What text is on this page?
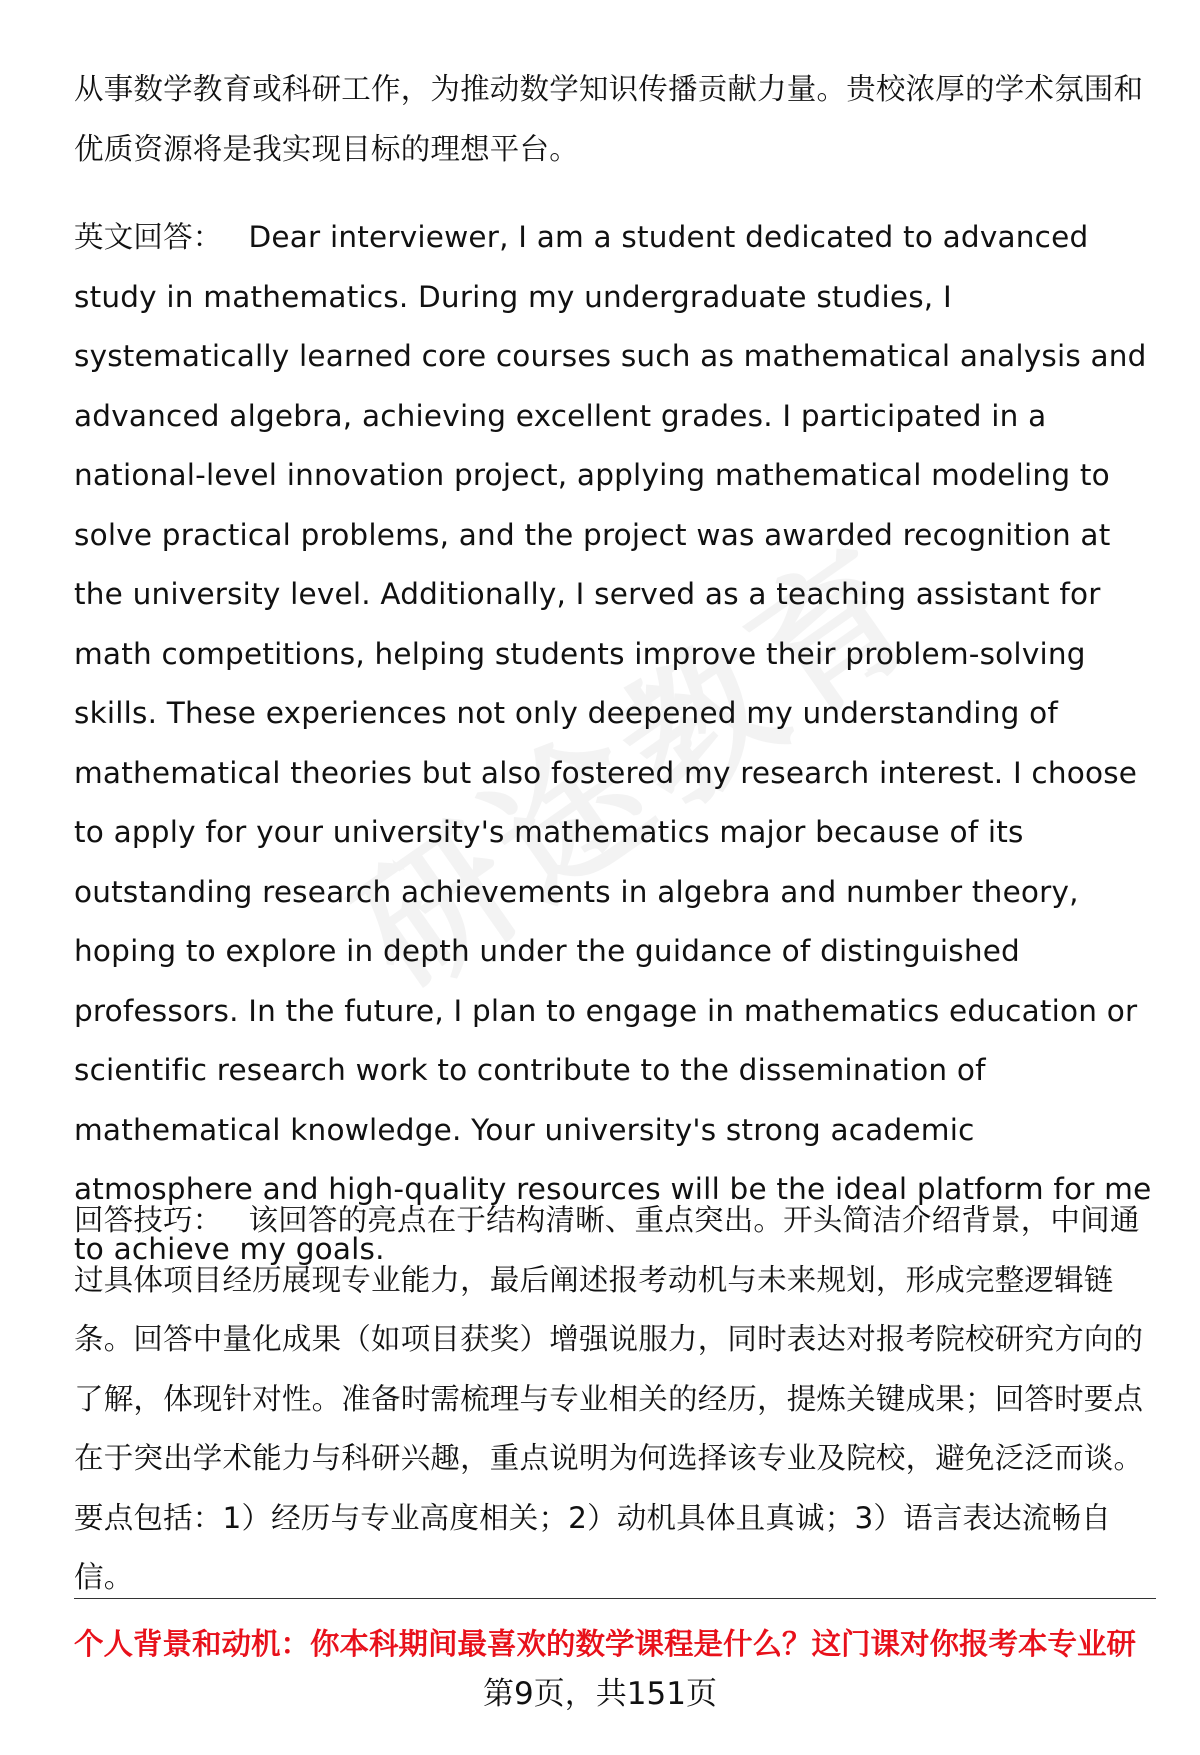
从事数学教育或科研工作，为推动数学知识传播贡献力量。贵校浓厚的学术氛围和优质资源将是我实现目标的理想平台。

英文回答： Dear interviewer, I am a student dedicated to advanced study in mathematics. During my undergraduate studies, I systematically learned core courses such as mathematical analysis and advanced algebra, achieving excellent grades. I participated in a national-level innovation project, applying mathematical modeling to solve practical problems, and the project was awarded recognition at the university level. Additionally, I served as a teaching assistant for math competitions, helping students improve their problem-solving skills. These experiences not only deepened my understanding of mathematical theories but also fostered my research interest. I choose to apply for your university's mathematics major because of its outstanding research achievements in algebra and number theory, hoping to explore in depth under the guidance of distinguished professors. In the future, I plan to engage in mathematics education or scientific research work to contribute to the dissemination of mathematical knowledge. Your university's strong academic atmosphere and high-quality resources will be the ideal platform for me to achieve my goals.

回答技巧： 该回答的亮点在于结构清晰、重点突出。开头简洁介绍背景，中间通过具体项目经历展现专业能力，最后阐述报考动机与未来规划，形成完整逻辑链条。回答中量化成果（如项目获奖）增强说服力，同时表达对报考院校研究方向的了解，体现针对性。准备时需梳理与专业相关的经历，提炼关键成果；回答时要点在于突出学术能力与科研兴趣，重点说明为何选择该专业及院校，避免泛泛而谈。要点包括：1）经历与专业高度相关；2）动机具体且真诚；3）语言表达流畅自信。

个人背景和动机：你本科期间最喜欢的数学课程是什么？这门课对你报考本专业研
第9页，共151页
